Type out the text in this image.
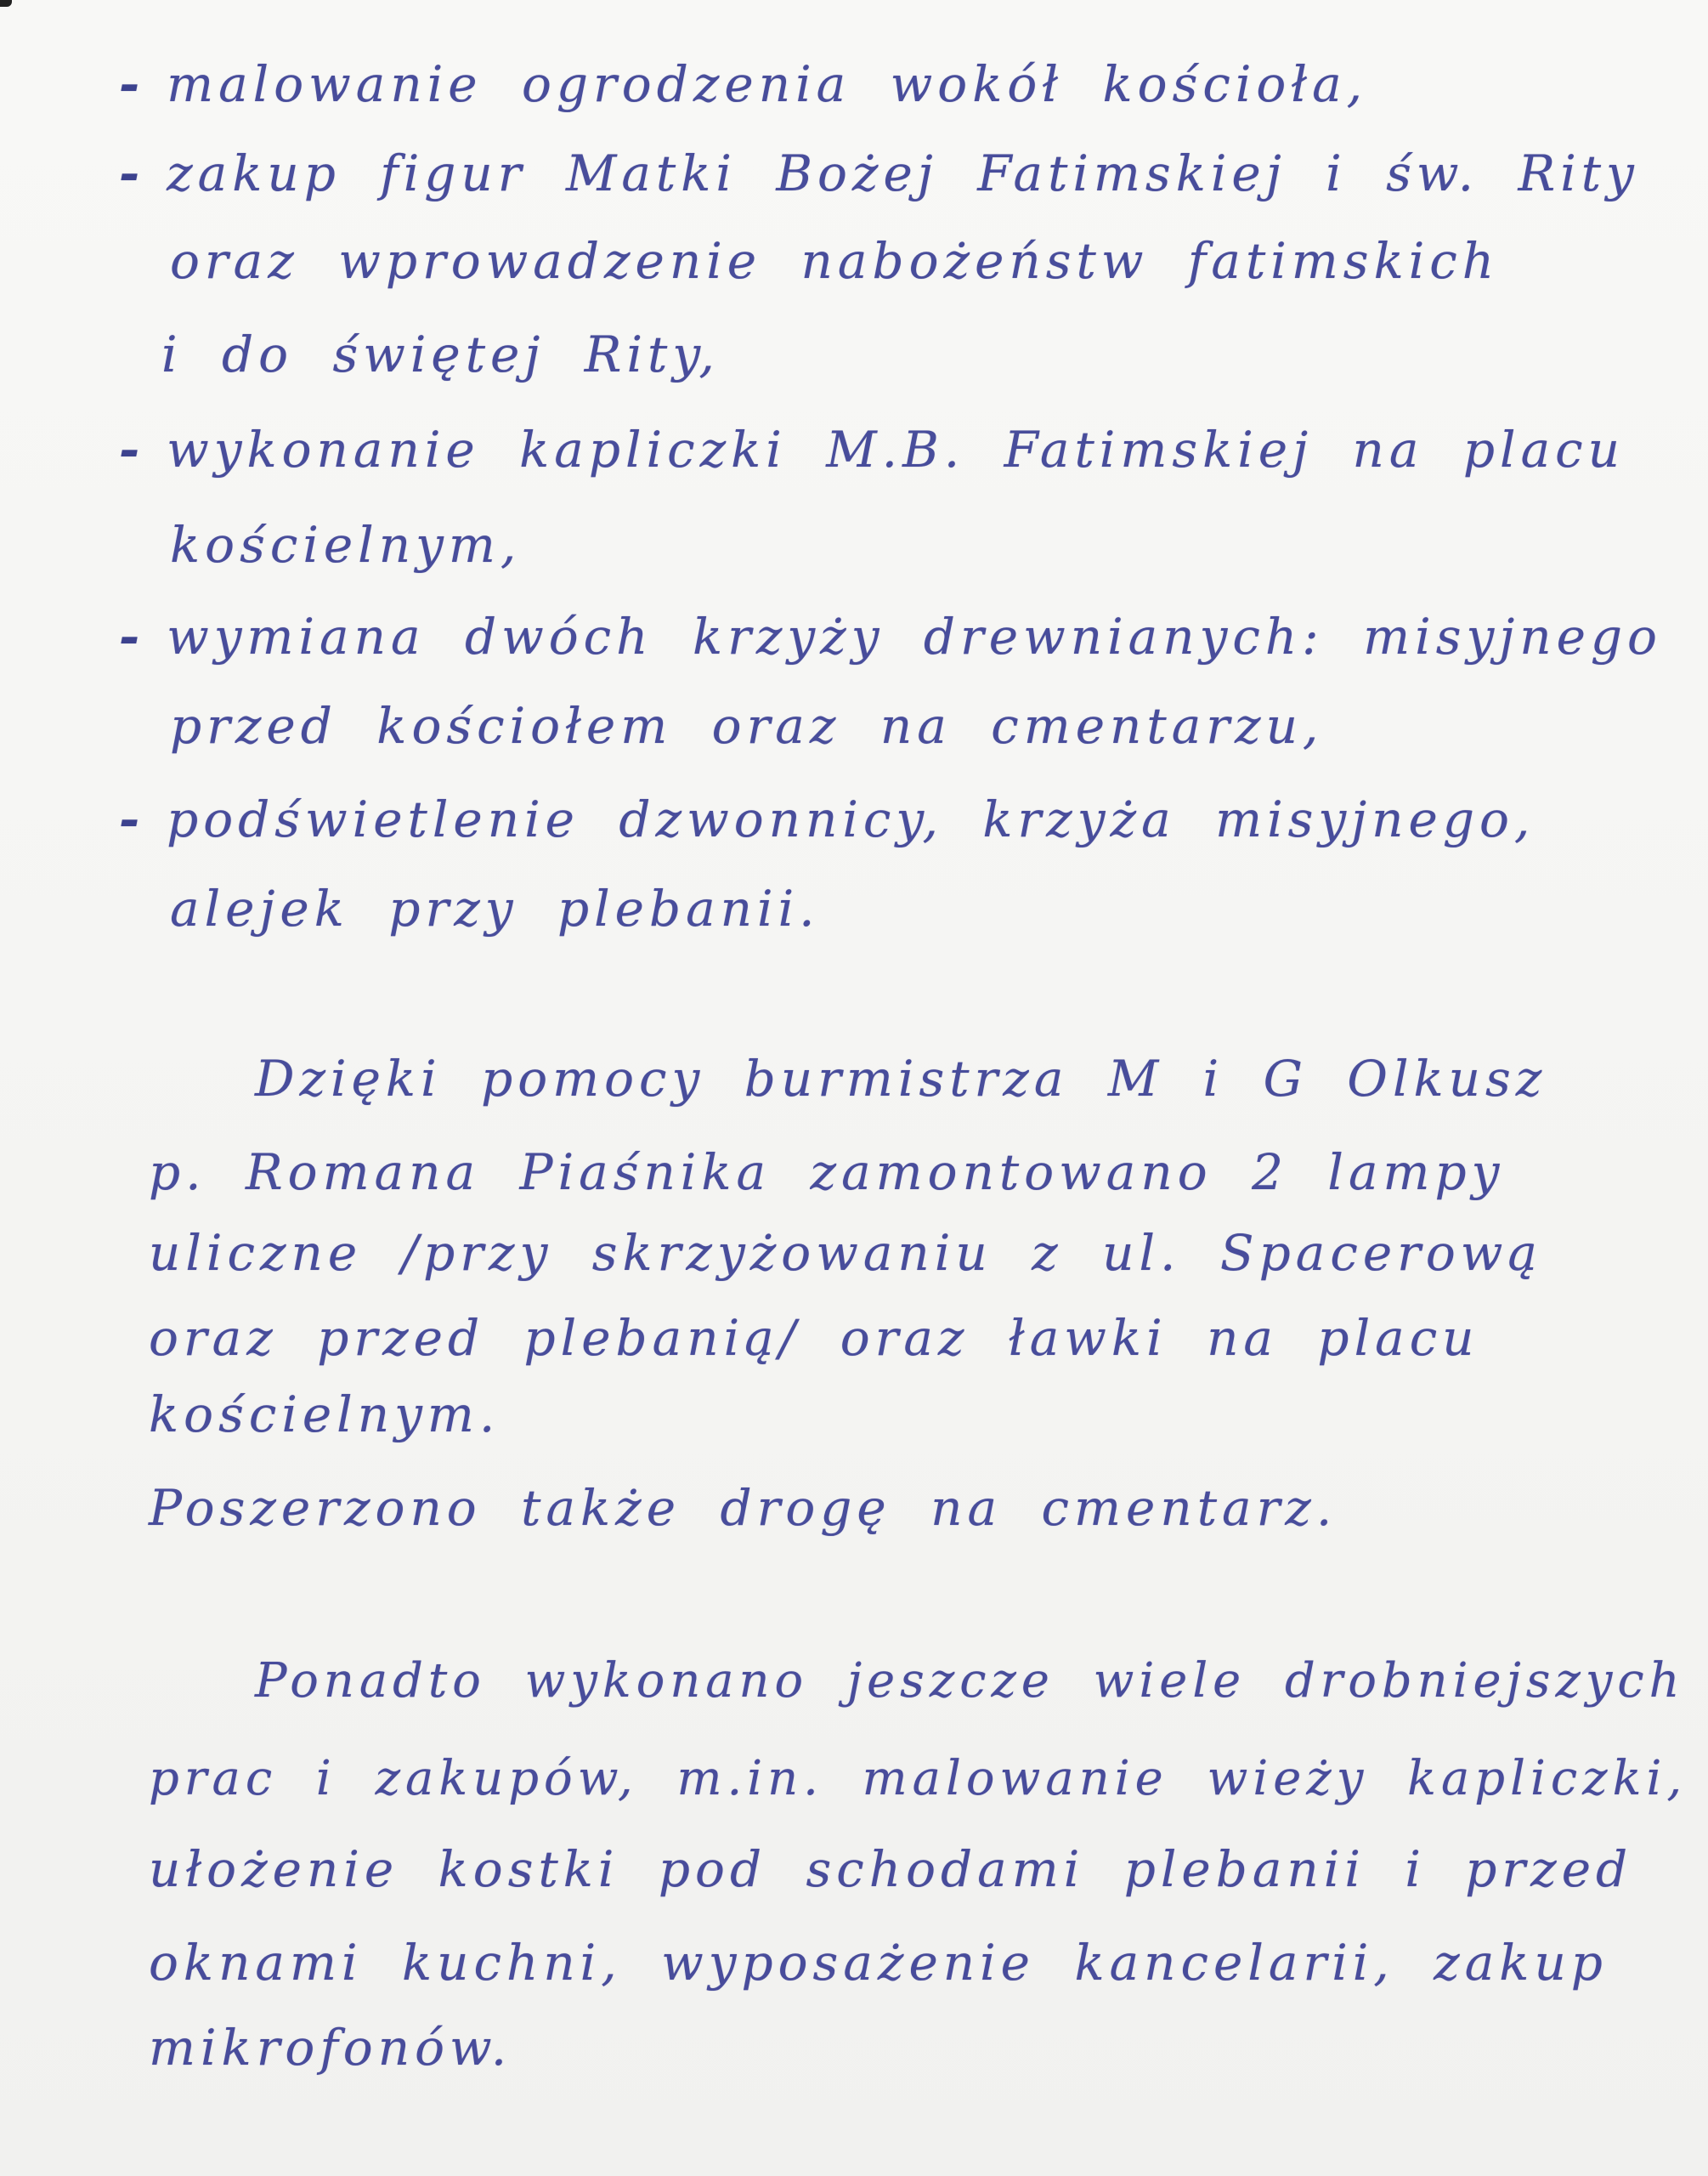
- malowanie ogrodzenia wokół kościoła,
- zakup figur Matki Bożej Fatimskiej i św. Rity
oraz wprowadzenie nabożeństw fatimskich
i do świętej Rity,
- wykonanie kapliczki M.B. Fatimskiej na placu
kościelnym,
- wymiana dwóch krzyży drewnianych: misyjnego
przed kościołem oraz na cmentarzu,
- podświetlenie dzwonnicy, krzyża misyjnego,
alejek przy plebanii.
Dzięki pomocy burmistrza M i G Olkusz
p. Romana Piaśnika zamontowano 2 lampy
uliczne /przy skrzyżowaniu z ul. Spacerową
oraz przed plebanią/ oraz ławki na placu
kościelnym.
Poszerzono także drogę na cmentarz.
Ponadto wykonano jeszcze wiele drobniejszych
prac i zakupów, m.in. malowanie wieży kapliczki,
ułożenie kostki pod schodami plebanii i przed
oknami kuchni, wyposażenie kancelarii, zakup
mikrofonów.
